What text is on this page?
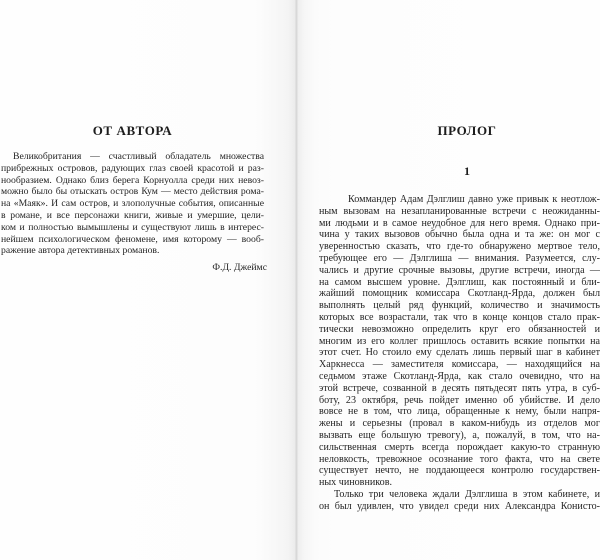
ОТ АВТОРА
Великобритания — счастливый обладатель множества
прибрежных островов, радующих глаз своей красотой и раз-
нообразием. Однако близ берега Корнуолла среди них невоз-
можно было бы отыскать остров Кум — место действия рома-
на «Маяк». И сам остров, и злополучные события, описанные
в романе, и все персонажи книги, живые и умершие, цели-
ком и полностью вымышлены и существуют лишь в интерес-
нейшем психологическом феномене, имя которому — вооб-
ражение автора детективных романов.
Ф.Д. Джеймс
ПРОЛОГ
1
Коммандер Адам Дэлглиш давно уже привык к неотлож-
ным вызовам на незапланированные встречи с неожиданны-
ми людьми и в самое неудобное для него время. Однако при-
чина у таких вызовов обычно была одна и та же: он мог с
уверенностью сказать, что где-то обнаружено мертвое тело,
требующее его — Дэлглиша — внимания. Разумеется, слу-
чались и другие срочные вызовы, другие встречи, иногда —
на самом высшем уровне. Дэлглиш, как постоянный и бли-
жайший помощник комиссара Скотланд-Ярда, должен был
выполнять целый ряд функций, количество и значимость
которых все возрастали, так что в конце концов стало прак-
тически невозможно определить круг его обязанностей и
многим из его коллег пришлось оставить всякие попытки на
этот счет. Но стоило ему сделать лишь первый шаг в кабинет
Харкнесса — заместителя комиссара, — находящийся на
седьмом этаже Скотланд-Ярда, как стало очевидно, что на
этой встрече, созванной в десять пятьдесят пять утра, в суб-
боту, 23 октября, речь пойдет именно об убийстве. И дело
вовсе не в том, что лица, обращенные к нему, были напря-
жены и серьезны (провал в каком-нибудь из отделов мог
вызвать еще большую тревогу), а, пожалуй, в том, что на-
сильственная смерть всегда порождает какую-то странную
неловкость, тревожное осознание того факта, что на свете
существует нечто, не поддающееся контролю государствен-
ных чиновников.
Только три человека ждали Дэлглиша в этом кабинете, и
он был удивлен, что увидел среди них Александра Конисто-
